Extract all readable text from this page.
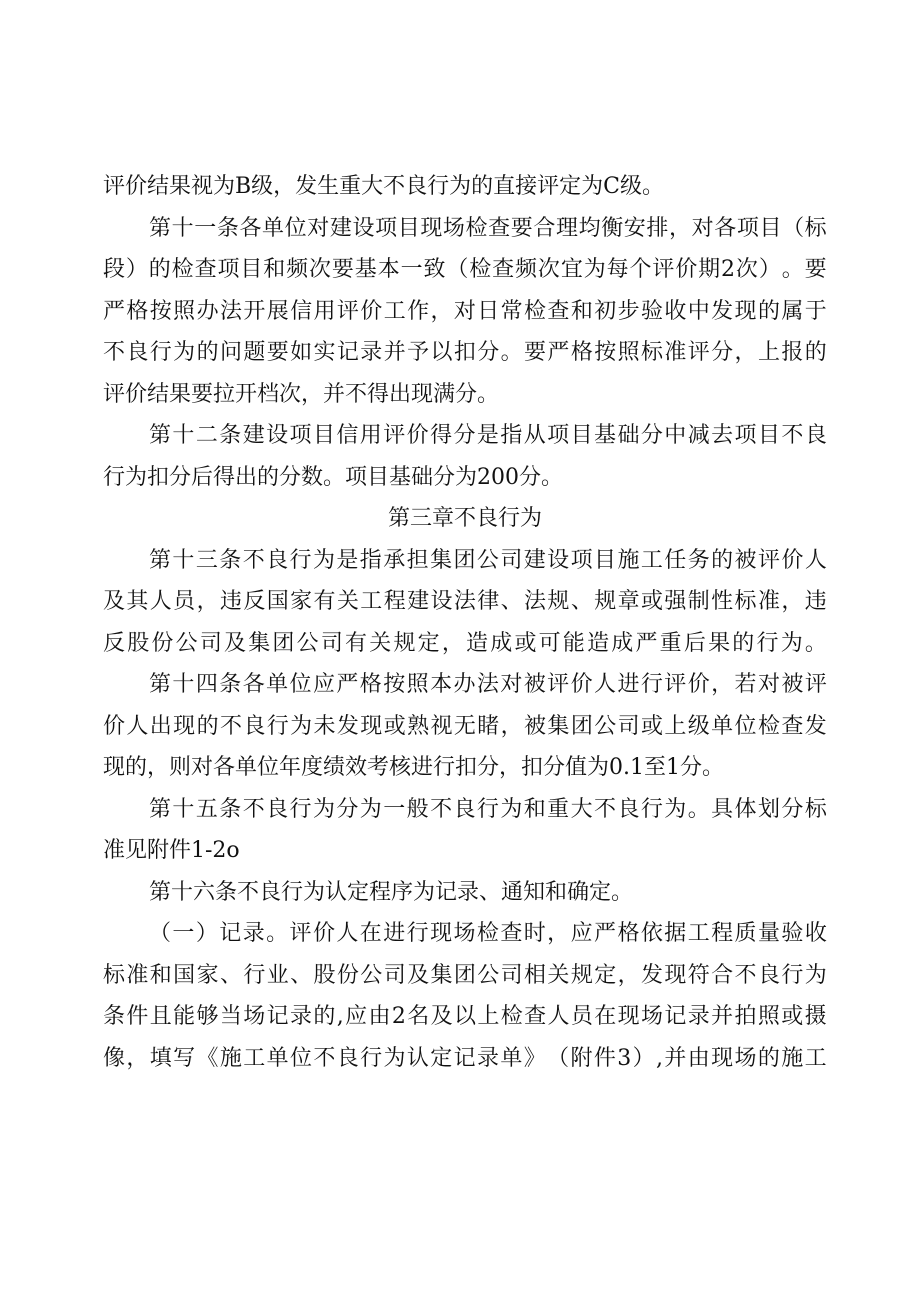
评价结果视为B级，发生重大不良行为的直接评定为C级。
第 十 一 条 各 单 位 对 建 设 项 目 现 场 检 查 要 合 理 均 衡 安 排 ， 对 各 项 目 （ 标
段 ） 的 检 查 项 目 和 频 次 要 基 本 一 致 （ 检 查 频 次 宜 为 每 个 评 价 期 2 次 ） 。 要
严 格 按 照 办 法 开 展 信 用 评 价 工 作 ， 对 日 常 检 查 和 初 步 验 收 中 发 现 的 属 于
不 良 行 为 的 问 题 要 如 实 记 录 并 予 以 扣 分 。 要 严 格 按 照 标 准 评 分 ， 上 报 的
评价结果要拉开档次，并不得出现满分。
第 十 二 条 建 设 项 目 信 用 评 价 得 分 是 指 从 项 目 基 础 分 中 减 去 项 目 不 良
行为扣分后得出的分数。项目基础分为200分。
第三章不良行为
第 十 三 条 不 良 行 为 是 指 承 担 集 团 公 司 建 设 项 目 施 工 任 务 的 被 评 价 人
及 其 人 员 ， 违 反 国 家 有 关 工 程 建 设 法 律 、 法 规 、 规 章 或 强 制 性 标 准 ， 违
反 股 份 公 司 及 集 团 公 司 有 关 规 定 ， 造 成 或 可 能 造 成 严 重 后 果 的 行 为 。
第 十 四 条 各 单 位 应 严 格 按 照 本 办 法 对 被 评 价 人 进 行 评 价 ， 若 对 被 评
价 人 出 现 的 不 良 行 为 未 发 现 或 熟 视 无 睹 ， 被 集 团 公 司 或 上 级 单 位 检 查 发
现的，则对各单位年度绩效考核进行扣分，扣分值为0.1至1分。
第 十 五 条 不 良 行 为 分 为 一 般 不 良 行 为 和 重 大 不 良 行 为 。 具 体 划 分 标
准见附件1-2o
第十六条不良行为认定程序为记录、通知和确定。
（ 一 ） 记 录 。 评 价 人 在 进 行 现 场 检 查 时 ， 应 严 格 依 据 工 程 质 量 验 收
标 准 和 国 家 、 行 业 、 股 份 公 司 及 集 团 公 司 相 关 规 定 ， 发 现 符 合 不 良 行 为
条 件 且 能 够 当 场 记 录 的 , 应 由 2 名 及 以 上 检 查 人 员 在 现 场 记 录 并 拍 照 或 摄
像 ， 填 写 《 施 工 单 位 不 良 行 为 认 定 记 录 单 》 （ 附 件 3 ） , 并 由 现 场 的 施 工
